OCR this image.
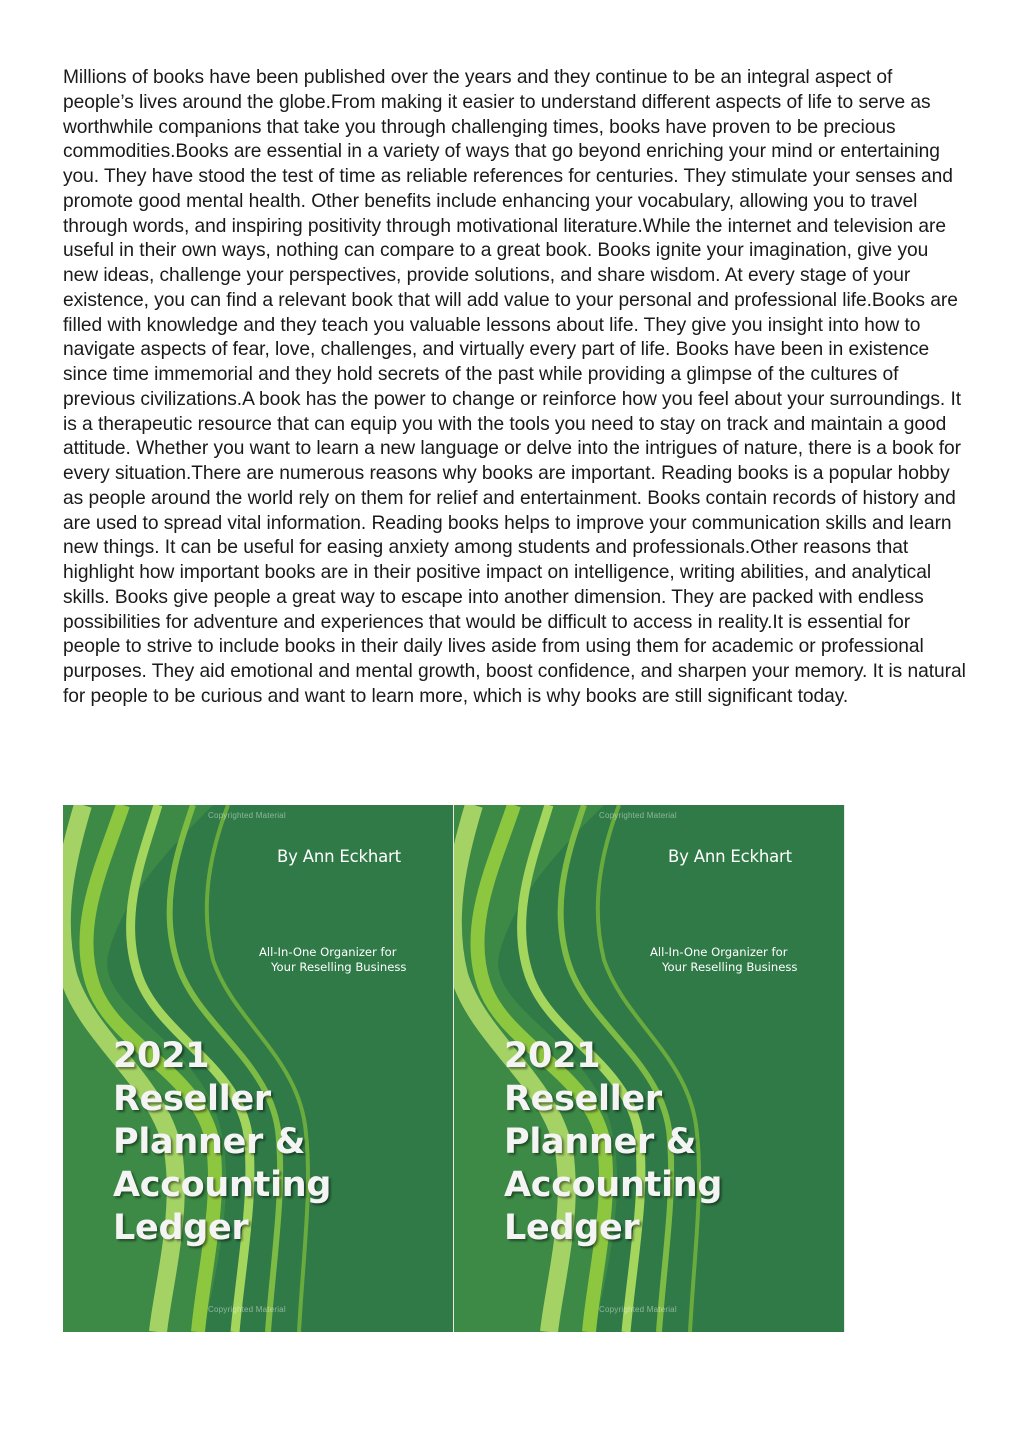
Millions of books have been published over the years and they continue to be an integral aspect of people’s lives around the globe.From making it easier to understand different aspects of life to serve as worthwhile companions that take you through challenging times, books have proven to be precious commodities.Books are essential in a variety of ways that go beyond enriching your mind or entertaining you. They have stood the test of time as reliable references for centuries. They stimulate your senses and promote good mental health. Other benefits include enhancing your vocabulary, allowing you to travel through words, and inspiring positivity through motivational literature.While the internet and television are useful in their own ways, nothing can compare to a great book. Books ignite your imagination, give you new ideas, challenge your perspectives, provide solutions, and share wisdom. At every stage of your existence, you can find a relevant book that will add value to your personal and professional life.Books are filled with knowledge and they teach you valuable lessons about life. They give you insight into how to navigate aspects of fear, love, challenges, and virtually every part of life. Books have been in existence since time immemorial and they hold secrets of the past while providing a glimpse of the cultures of previous civilizations.A book has the power to change or reinforce how you feel about your surroundings. It is a therapeutic resource that can equip you with the tools you need to stay on track and maintain a good attitude. Whether you want to learn a new language or delve into the intrigues of nature, there is a book for every situation.There are numerous reasons why books are important. Reading books is a popular hobby as people around the world rely on them for relief and entertainment. Books contain records of history and are used to spread vital information. Reading books helps to improve your communication skills and learn new things. It can be useful for easing anxiety among students and professionals.Other reasons that highlight how important books are in their positive impact on intelligence, writing abilities, and analytical skills. Books give people a great way to escape into another dimension. They are packed with endless possibilities for adventure and experiences that would be difficult to access in reality.It is essential for people to strive to include books in their daily lives aside from using them for academic or professional purposes. They aid emotional and mental growth, boost confidence, and sharpen your memory. It is natural for people to be curious and want to learn more, which is why books are still significant today.

Copyrighted Material
By Ann Eckhart
All-In-One Organizer for
Your Reselling Business
2021
Reseller
Planner &
Accounting
Ledger
Copyrighted Material
Copyrighted Material
By Ann Eckhart
All-In-One Organizer for
Your Reselling Business
2021
Reseller
Planner &
Accounting
Ledger
Copyrighted Material
